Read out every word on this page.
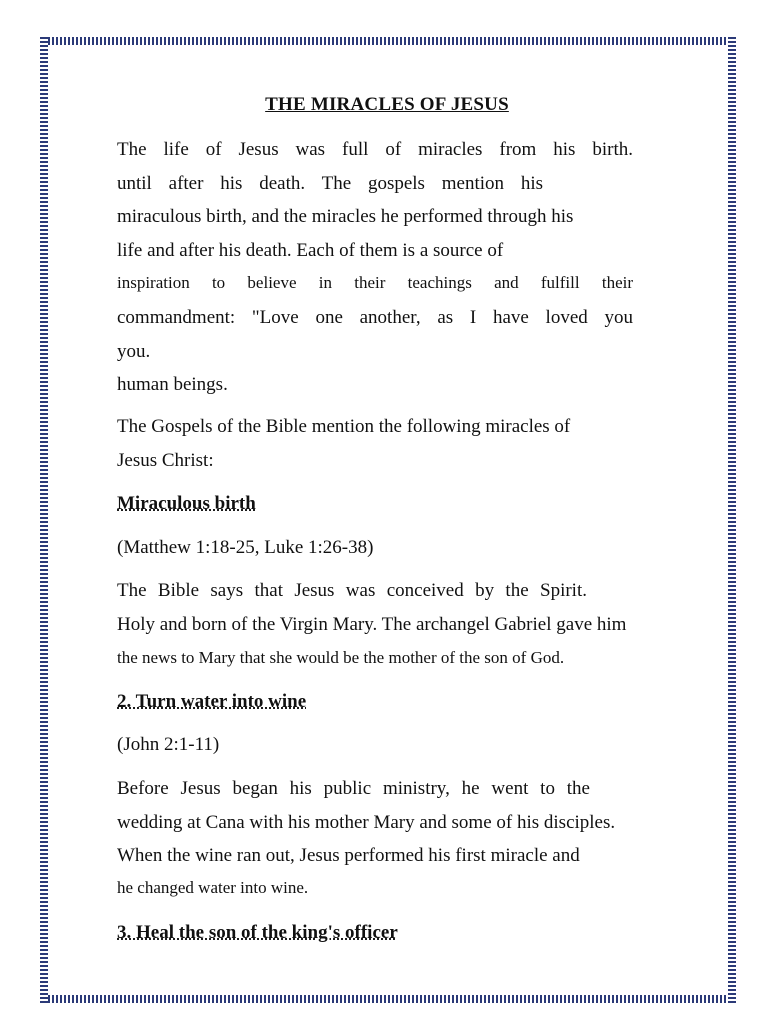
THE MIRACLES OF JESUS
The life of Jesus was full of miracles from his birth.
until after his death. The gospels mention his
miraculous birth, and the miracles he performed through his
life and after his death. Each of them is a source of
inspiration to believe in their teachings and fulfill their
commandment: "Love one another, as I have loved you
you.
human beings.
The Gospels of the Bible mention the following miracles of
Jesus Christ:
Miraculous birth
(Matthew 1:18-25, Luke 1:26-38)
The Bible says that Jesus was conceived by the Spirit.
Holy and born of the Virgin Mary. The archangel Gabriel gave him
the news to Mary that she would be the mother of the son of God.
2. Turn water into wine
(John 2:1-11)
Before Jesus began his public ministry, he went to the
wedding at Cana with his mother Mary and some of his disciples.
When the wine ran out, Jesus performed his first miracle and
he changed water into wine.
3. Heal the son of the king's officer
